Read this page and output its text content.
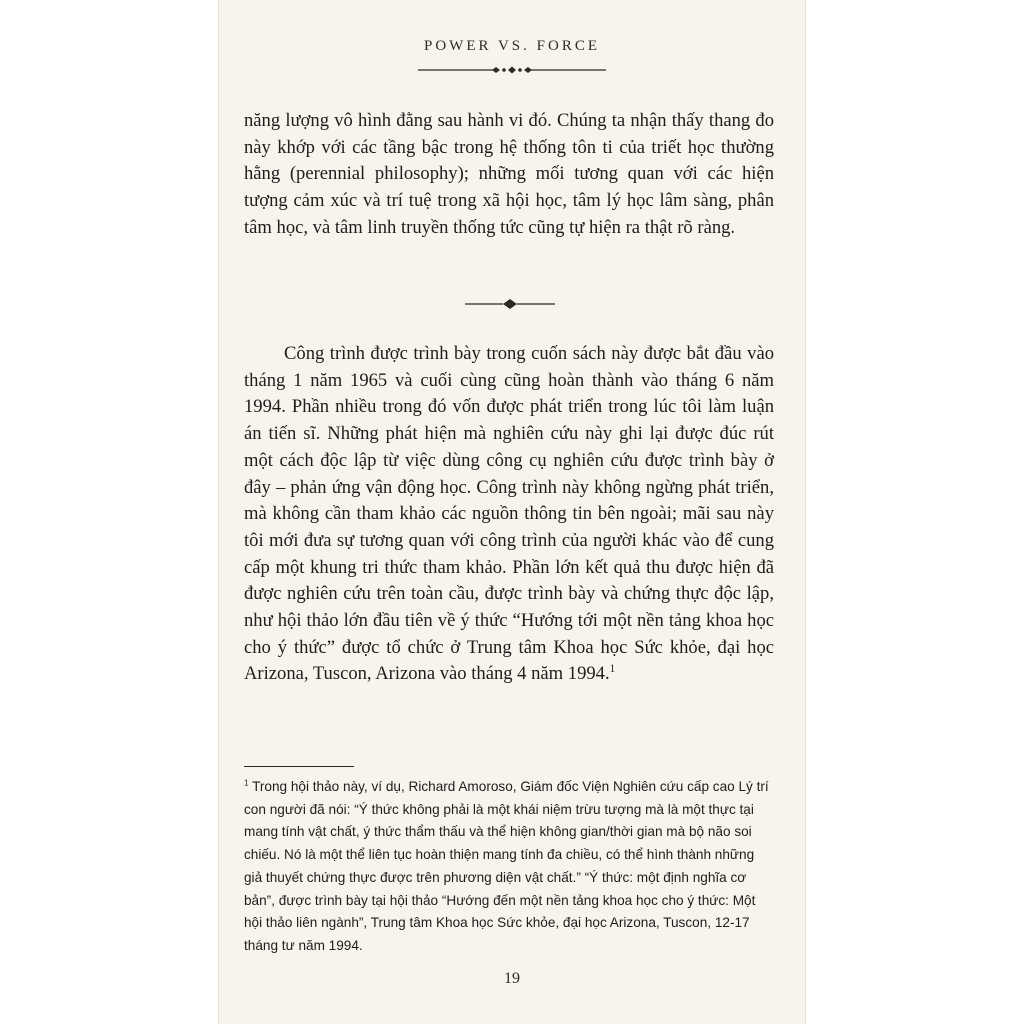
POWER VS. FORCE

năng lượng vô hình đằng sau hành vi đó. Chúng ta nhận thấy thang đo này khớp với các tầng bậc trong hệ thống tôn ti của triết học thường hằng (perennial philosophy); những mối tương quan với các hiện tượng cảm xúc và trí tuệ trong xã hội học, tâm lý học lâm sàng, phân tâm học, và tâm linh truyền thống tức cũng tự hiện ra thật rõ ràng.

Công trình được trình bày trong cuốn sách này được bắt đầu vào tháng 1 năm 1965 và cuối cùng cũng hoàn thành vào tháng 6 năm 1994. Phần nhiều trong đó vốn được phát triển trong lúc tôi làm luận án tiến sĩ. Những phát hiện mà nghiên cứu này ghi lại được đúc rút một cách độc lập từ việc dùng công cụ nghiên cứu được trình bày ở đây – phản ứng vận động học. Công trình này không ngừng phát triển, mà không cần tham khảo các nguồn thông tin bên ngoài; mãi sau này tôi mới đưa sự tương quan với công trình của người khác vào để cung cấp một khung tri thức tham khảo. Phần lớn kết quả thu được hiện đã được nghiên cứu trên toàn cầu, được trình bày và chứng thực độc lập, như hội thảo lớn đầu tiên về ý thức “Hướng tới một nền tảng khoa học cho ý thức” được tổ chức ở Trung tâm Khoa học Sức khỏe, đại học Arizona, Tuscon, Arizona vào tháng 4 năm 1994.$^1$

$^1$ Trong hội thảo này, ví dụ, Richard Amoroso, Giám đốc Viện Nghiên cứu cấp cao Lý trí con người đã nói: “Ý thức không phải là một khái niệm trừu tượng mà là một thực tại mang tính vật chất, ý thức thẩm thấu và thể hiện không gian/thời gian mà bộ não soi chiếu. Nó là một thể liên tục hoàn thiện mang tính đa chiều, có thể hình thành những giả thuyết chứng thực được trên phương diện vật chất.” “Ý thức: một định nghĩa cơ bản”, được trình bày tại hội thảo “Hướng đến một nền tảng khoa học cho ý thức: Một hội thảo liên ngành”, Trung tâm Khoa học Sức khỏe, đại học Arizona, Tuscon, 12-17 tháng tư năm 1994.
19
